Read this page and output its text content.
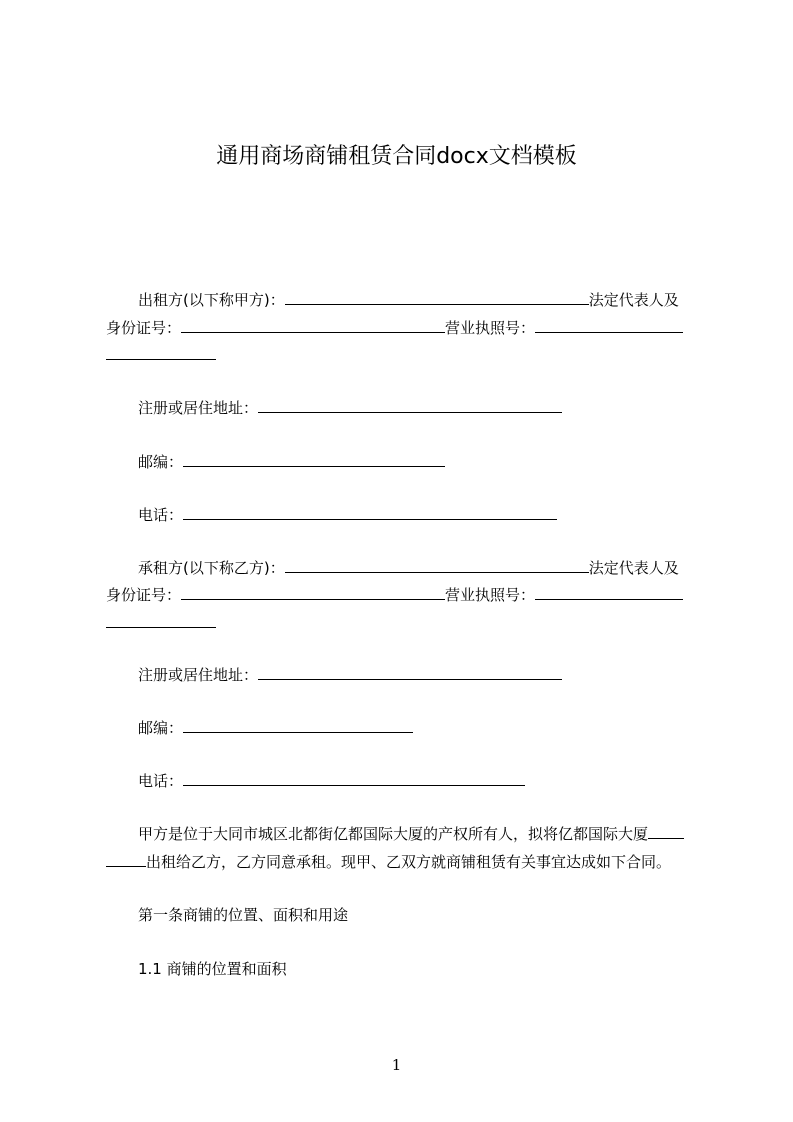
通用商场商铺租赁合同docx文档模板
出租方(以下称甲方)：	法定代表人及
身份证号：	营业执照号：
注册或居住地址：
邮编：
电话：
承租方(以下称乙方)：	法定代表人及
身份证号：	营业执照号：
注册或居住地址：
邮编：
电话：
甲方是位于大同市城区北都街亿都国际大厦的产权所有人，拟将亿都国际大厦
出租给乙方，乙方同意承租。现甲、乙双方就商铺租赁有关事宜达成如下合同。
第一条商铺的位置、面积和用途
1.1 商铺的位置和面积
1
